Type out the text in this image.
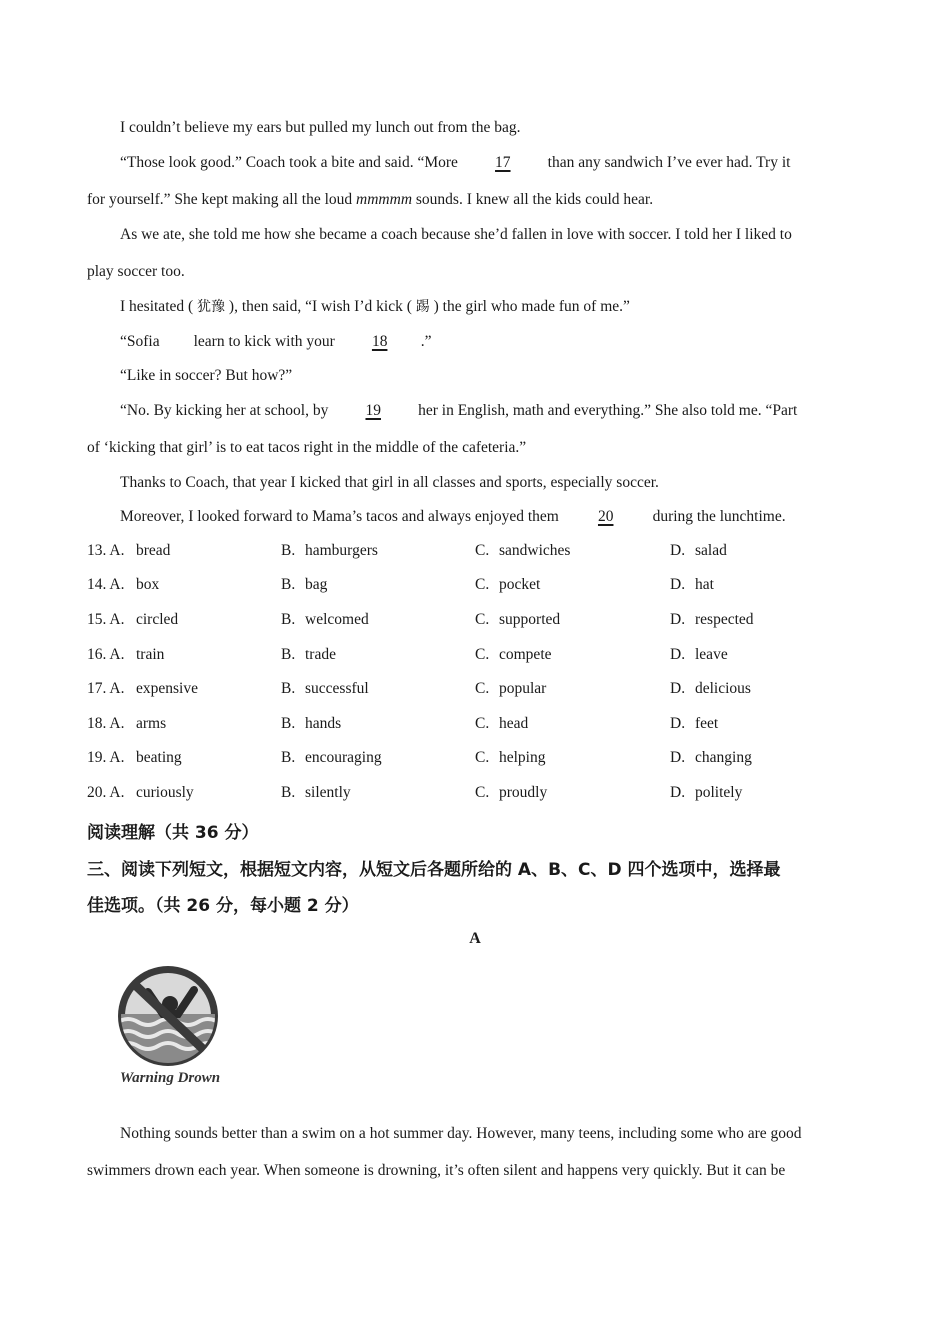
I couldn’t believe my ears but pulled my lunch out from the bag.
“Those look good.” Coach took a bite and said. “More 17 than any sandwich I’ve ever had. Try it
for yourself.” She kept making all the loud mmmmm sounds. I knew all the kids could hear.
As we ate, she told me how she became a coach because she’d fallen in love with soccer. I told her I liked to
play soccer too.
I hesitated ( 犹豫 ), then said, “I wish I’d kick ( 踢 ) the girl who made fun of me.”
“Sofia learn to kick with your 18 .”
“Like in soccer? But how?”
“No. By kicking her at school, by 19 her in English, math and everything.” She also told me. “Part
of ‘kicking that girl’ is to eat tacos right in the middle of the cafeteria.”
Thanks to Coach, that year I kicked that girl in all classes and sports, especially soccer.
Moreover, I looked forward to Mama’s tacos and always enjoyed them 20 during the lunchtime.
13. A. bread	B. hamburgers	C. sandwiches	D. salad
14. A. box	B. bag	C. pocket	D. hat
15. A. circled	B. welcomed	C. supported	D. respected
16. A. train	B. trade	C. compete	D. leave
17. A. expensive	B. successful	C. popular	D. delicious
18. A. arms	B. hands	C. head	D. feet
19. A. beating	B. encouraging	C. helping	D. changing
20. A. curiously	B. silently	C. proudly	D. politely
阅读理解（共 36 分）
三、阅读下列短文，根据短文内容，从短文后各题所给的 A、B、C、D 四个选项中，选择最
佳选项。（共 26 分，每小题 2 分）
A
Warning Drown
Nothing sounds better than a swim on a hot summer day. However, many teens, including some who are good
swimmers drown each year. When someone is drowning, it’s often silent and happens very quickly. But it can be
